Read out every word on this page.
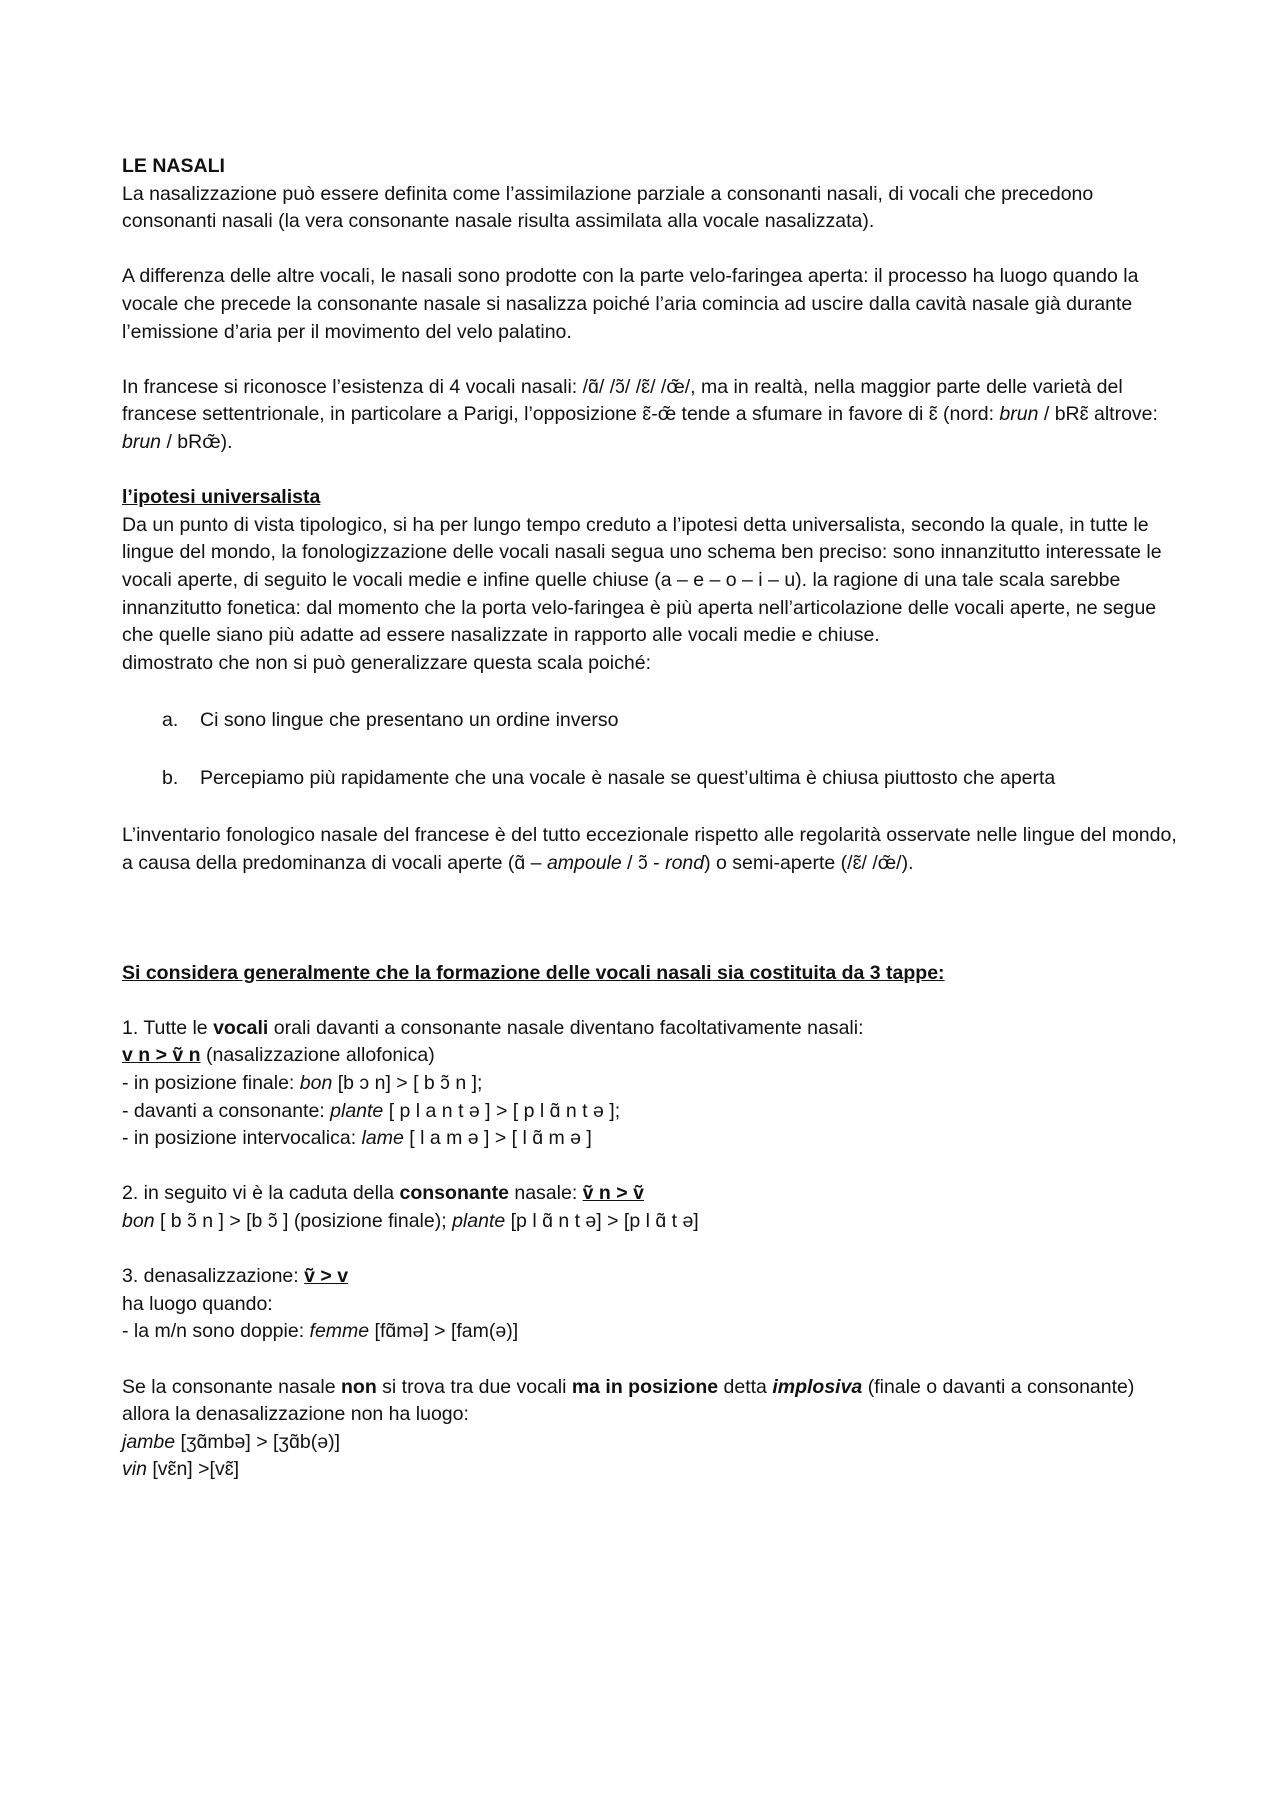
LE NASALI

La nasalizzazione può essere definita come l’assimilazione parziale a consonanti nasali, di vocali che precedono consonanti nasali (la vera consonante nasale risulta assimilata alla vocale nasalizzata).

A differenza delle altre vocali, le nasali sono prodotte con la parte velo-faringea aperta: il processo ha luogo quando la vocale che precede la consonante nasale si nasalizza poiché l’aria comincia ad uscire dalla cavità nasale già durante l’emissione d’aria per il movimento del velo palatino.

In francese si riconosce l’esistenza di 4 vocali nasali: /ɑ̃/ /ɔ̃/ /ɛ̃/ /œ̃/, ma in realtà, nella maggior parte delle varietà del francese settentrionale, in particolare a Parigi, l’opposizione ɛ̃-œ̃ tende a sfumare in favore di ɛ̃ (nord: brun / bRɛ̃ altrove: brun / bRœ̃).

l’ipotesi universalista

Da un punto di vista tipologico, si ha per lungo tempo creduto a l’ipotesi detta universalista, secondo la quale, in tutte le lingue del mondo, la fonologizzazione delle vocali nasali segua uno schema ben preciso: sono innanzitutto interessate le vocali aperte, di seguito le vocali medie e infine quelle chiuse (a – e – o – i – u). la ragione di una tale scala sarebbe innanzitutto fonetica: dal momento che la porta velo-faringea è più aperta nell’articolazione delle vocali aperte, ne segue che quelle siano più adatte ad essere nasalizzate in rapporto alle vocali medie e chiuse.

dimostrato che non si può generalizzare questa scala poiché:

a. Ci sono lingue che presentano un ordine inverso
b. Percepiamo più rapidamente che una vocale è nasale se quest’ultima è chiusa piuttosto che aperta

L’inventario fonologico nasale del francese è del tutto eccezionale rispetto alle regolarità osservate nelle lingue del mondo, a causa della predominanza di vocali aperte (ɑ̃ – ampoule / ɔ̃ - rond) o semi-aperte (/ɛ̃/ /œ̃/).

Si considera generalmente che la formazione delle vocali nasali sia costituita da 3 tappe:

1. Tutte le vocali orali davanti a consonante nasale diventano facoltativamente nasali:

v n > ṽ n (nasalizzazione allofonica)

- in posizione finale: bon [b ɔ n] > [ b ɔ̃ n ];

- davanti a consonante: plante [ p l a n t ə ] > [ p l ɑ̃ n t ə ];

- in posizione intervocalica: lame [ l a m ə ] > [ l ɑ̃ m ə ]

2. in seguito vi è la caduta della consonante nasale: ṽ n > ṽ

bon [ b ɔ̃ n ] > [b ɔ̃ ] (posizione finale); plante [p l ɑ̃ n t ə] > [p l ɑ̃ t ə]

3. denasalizzazione: ṽ > v

ha luogo quando:

- la m/n sono doppie: femme [fɑ̃mə] > [fam(ə)]

Se la consonante nasale non si trova tra due vocali ma in posizione detta implosiva (finale o davanti a consonante) allora la denasalizzazione non ha luogo:

jambe [ʒɑ̃mbə] > [ʒɑ̃b(ə)]

vin [vɛ̃n] >[vɛ̃]
